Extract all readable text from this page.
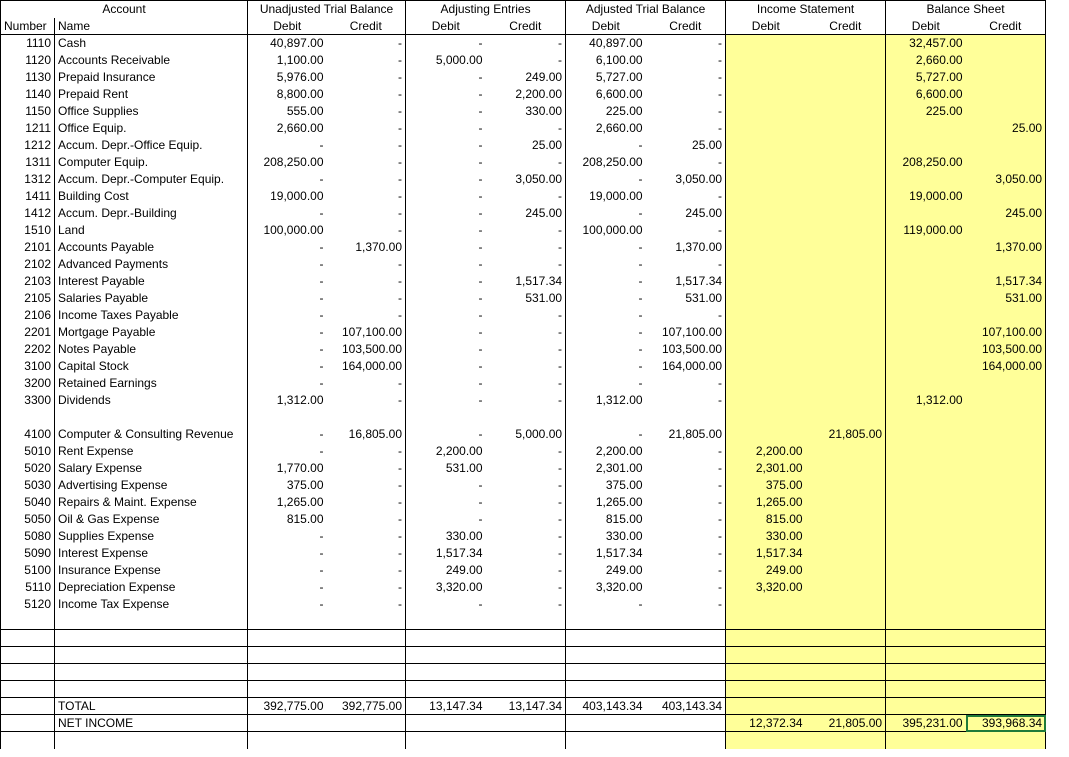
Account		Unadjusted Trial Balance		Adjusting Entries		Adjusted Trial Balance		Income Statement		Balance Sheet	
Number	Name	Debit	Credit	Debit	Credit	Debit	Credit	Debit	Credit	Debit	Credit
1110	Cash	40,897.00	-	-	-	40,897.00	-			32,457.00	
1120	Accounts Receivable	1,100.00	-	5,000.00	-	6,100.00	-			2,660.00	
1130	Prepaid Insurance	5,976.00	-	-	249.00	5,727.00	-			5,727.00	
1140	Prepaid Rent	8,800.00	-	-	2,200.00	6,600.00	-			6,600.00	
1150	Office Supplies	555.00	-	-	330.00	225.00	-			225.00	
1211	Office Equip.	2,660.00	-	-	-	2,660.00	-				25.00
1212	Accum. Depr.-Office Equip.	-	-	-	25.00	-	25.00				
1311	Computer Equip.	208,250.00	-	-	-	208,250.00	-			208,250.00	
1312	Accum. Depr.-Computer Equip.	-	-	-	3,050.00	-	3,050.00				3,050.00
1411	Building Cost	19,000.00	-	-	-	19,000.00	-			19,000.00	
1412	Accum. Depr.-Building	-	-	-	245.00	-	245.00				245.00
1510	Land	100,000.00	-	-	-	100,000.00	-			119,000.00	
2101	Accounts Payable	-	1,370.00	-	-	-	1,370.00				1,370.00
2102	Advanced Payments	-	-	-	-	-	-				
2103	Interest Payable	-	-	-	1,517.34	-	1,517.34				1,517.34
2105	Salaries Payable	-	-	-	531.00	-	531.00				531.00
2106	Income Taxes Payable	-	-	-	-	-	-				
2201	Mortgage Payable	-	107,100.00	-	-	-	107,100.00				107,100.00
2202	Notes Payable	-	103,500.00	-	-	-	103,500.00				103,500.00
3100	Capital Stock	-	164,000.00	-	-	-	164,000.00				164,000.00
3200	Retained Earnings	-	-	-	-	-	-				
3300	Dividends	1,312.00	-	-	-	1,312.00	-			1,312.00	

4100	Computer & Consulting Revenue	-	16,805.00	-	5,000.00	-	21,805.00		21,805.00		
5010	Rent Expense	-	-	2,200.00	-	2,200.00	-	2,200.00			
5020	Salary Expense	1,770.00	-	531.00	-	2,301.00	-	2,301.00			
5030	Advertising Expense	375.00	-	-	-	375.00	-	375.00			
5040	Repairs & Maint. Expense	1,265.00	-	-	-	1,265.00	-	1,265.00			
5050	Oil & Gas Expense	815.00	-	-	-	815.00	-	815.00			
5080	Supplies Expense	-	-	330.00	-	330.00	-	330.00			
5090	Interest Expense	-	-	1,517.34	-	1,517.34	-	1,517.34			
5100	Insurance Expense	-	-	249.00	-	249.00	-	249.00			
5110	Depreciation Expense	-	-	3,320.00	-	3,320.00	-	3,320.00			
5120	Income Tax Expense	-	-	-	-	-	-				

	TOTAL	392,775.00	392,775.00	13,147.34	13,147.34	403,143.34	403,143.34				
	NET INCOME							12,372.34	21,805.00	395,231.00	393,968.34
